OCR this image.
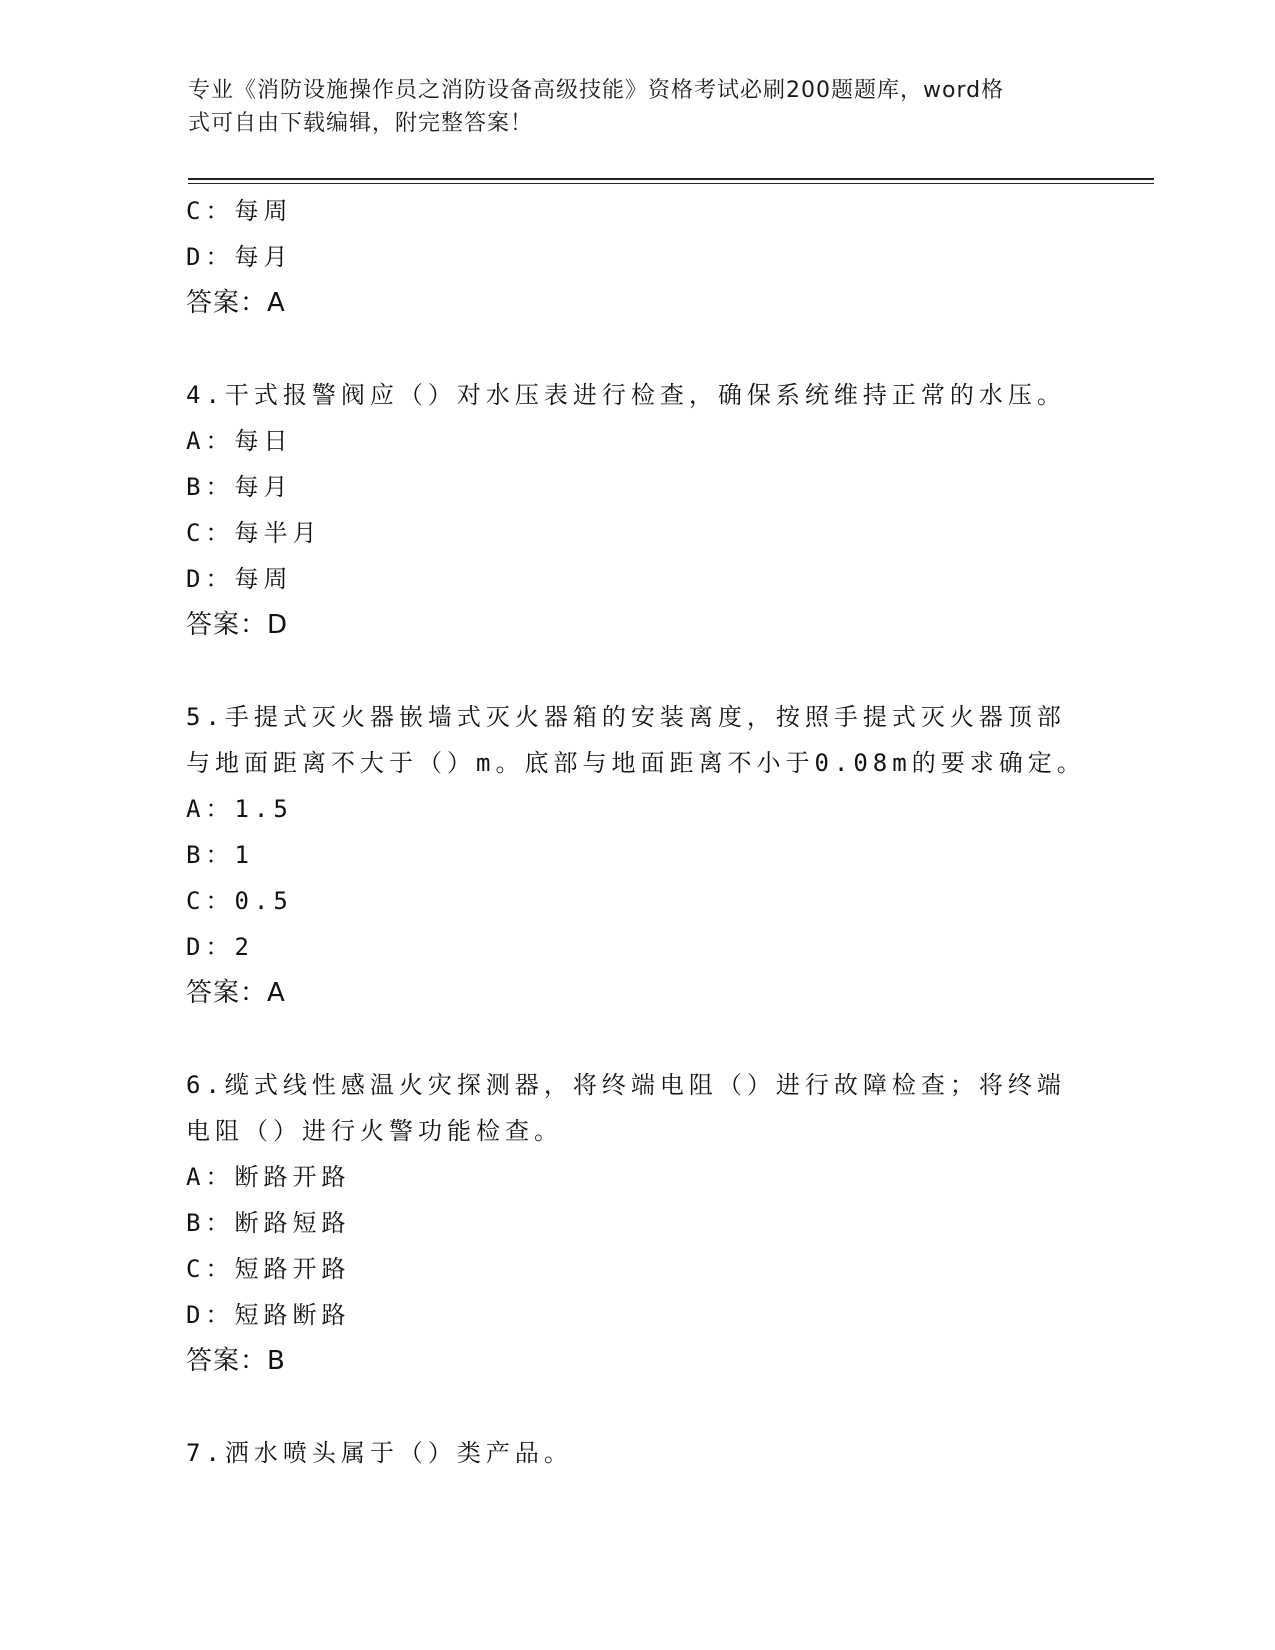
专业《消防设施操作员之消防设备高级技能》资格考试必刷200题题库，word格
式可自由下载编辑，附完整答案！
C：每周
D：每月
答案：A
4.干式报警阀应（）对水压表进行检查，确保系统维持正常的水压。
A：每日
B：每月
C：每半月
D：每周
答案：D
5.手提式灭火器嵌墙式灭火器箱的安装离度，按照手提式灭火器顶部
与地面距离不大于（）m。底部与地面距离不小于0.08m的要求确定。
A：1.5
B：1
C：0.5
D：2
答案：A
6.缆式线性感温火灾探测器，将终端电阻（）进行故障检查；将终端
电阻（）进行火警功能检查。
A：断路开路
B：断路短路
C：短路开路
D：短路断路
答案：B
7.洒水喷头属于（）类产品。
